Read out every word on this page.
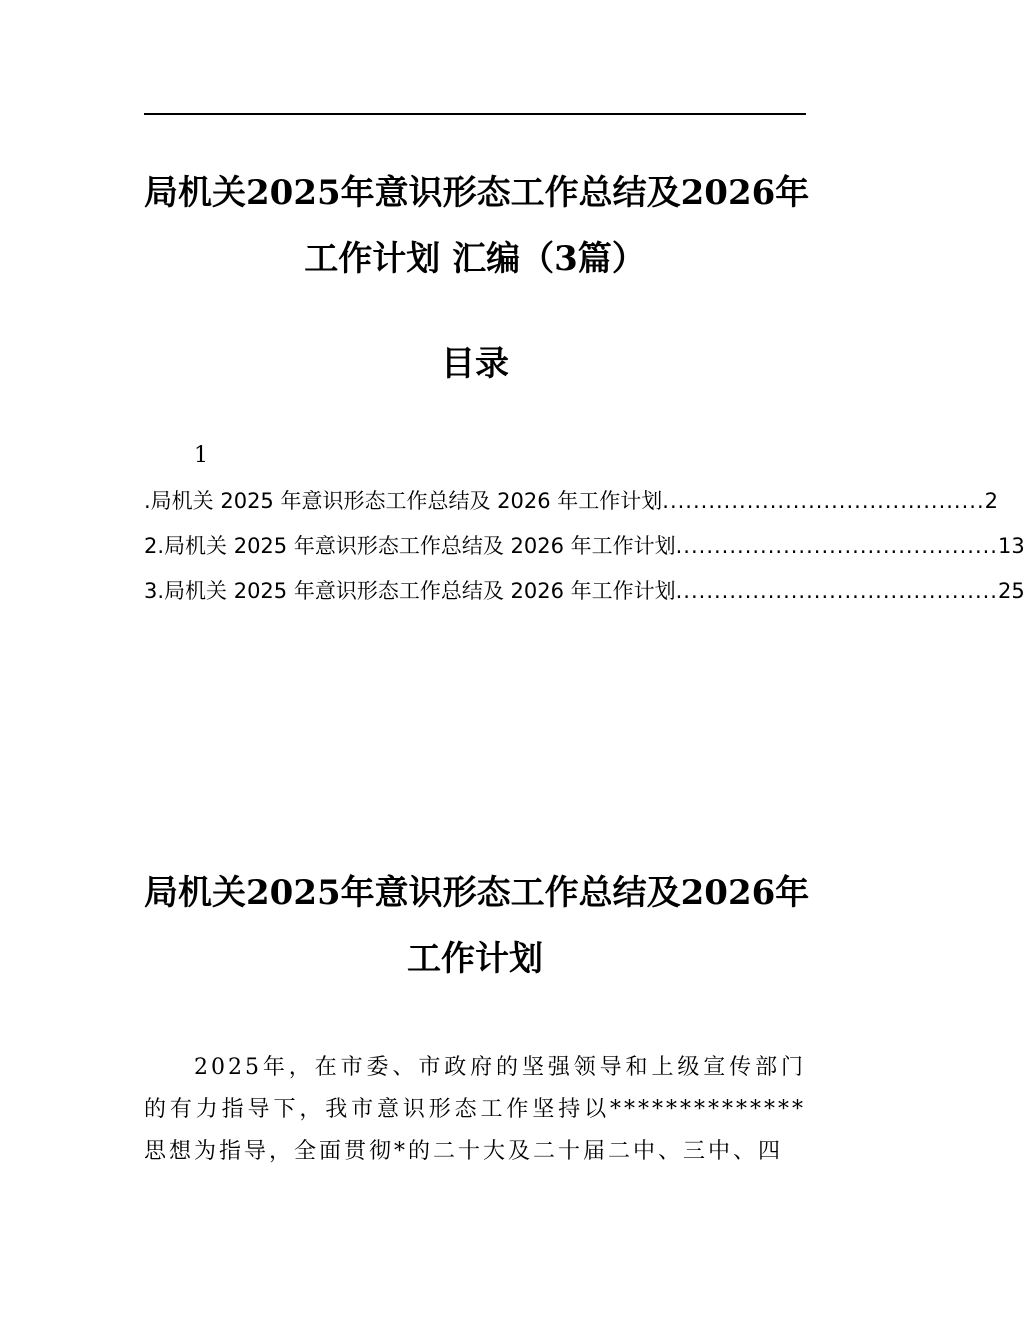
局机关2025年意识形态工作总结及2026年
工作计划 汇编（3篇）
目录
1
.局机关 2025 年意识形态工作总结及 2026 年工作计划 .......................................... 2
2.局机关 2025 年意识形态工作总结及 2026 年工作计划 .......................................... 13
3.局机关 2025 年意识形态工作总结及 2026 年工作计划 .......................................... 25
局机关2025年意识形态工作总结及2026年
工作计划

2025年，在市委、市政府的坚强领导和上级宣传部门的有力指导下，我市意识形态工作坚持以**************思想为指导，全面贯彻*的二十大及二十届二中、三中、四
